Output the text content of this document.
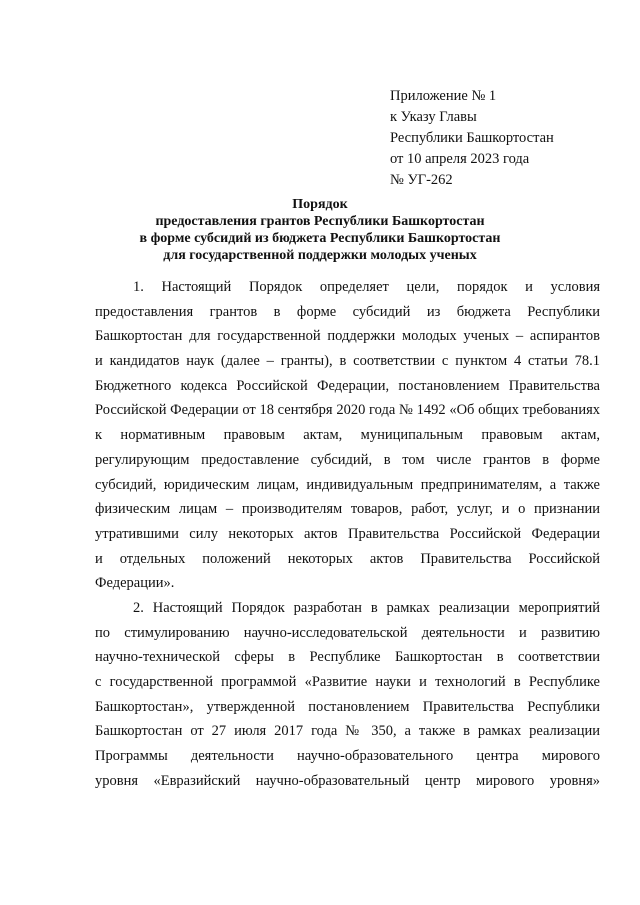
Приложение № 1
к Указу Главы
Республики Башкортостан
от 10 апреля 2023 года
№ УГ-262
Порядок
предоставления грантов Республики Башкортостан
в форме субсидий из бюджета Республики Башкортостан
для государственной поддержки молодых ученых
1. Настоящий Порядок определяет цели, порядок и условия
предоставления грантов в форме субсидий из бюджета Республики
Башкортостан для государственной поддержки молодых ученых – аспирантов
и кандидатов наук (далее – гранты), в соответствии с пунктом 4 статьи 78.1
Бюджетного кодекса Российской Федерации, постановлением Правительства
Российской Федерации от 18 сентября 2020 года № 1492 «Об общих требованиях
к нормативным правовым актам, муниципальным правовым актам,
регулирующим предоставление субсидий, в том числе грантов в форме
субсидий, юридическим лицам, индивидуальным предпринимателям, а также
физическим лицам – производителям товаров, работ, услуг, и о признании
утратившими силу некоторых актов Правительства Российской Федерации
и отдельных положений некоторых актов Правительства Российской
Федерации».
2. Настоящий Порядок разработан в рамках реализации мероприятий
по стимулированию научно-исследовательской деятельности и развитию
научно-технической сферы в Республике Башкортостан в соответствии
с государственной программой «Развитие науки и технологий в Республике
Башкортостан», утвержденной постановлением Правительства Республики
Башкортостан от 27 июля 2017 года № 350, а также в рамках реализации
Программы деятельности научно-образовательного центра мирового
уровня «Евразийский научно-образовательный центр мирового уровня»
